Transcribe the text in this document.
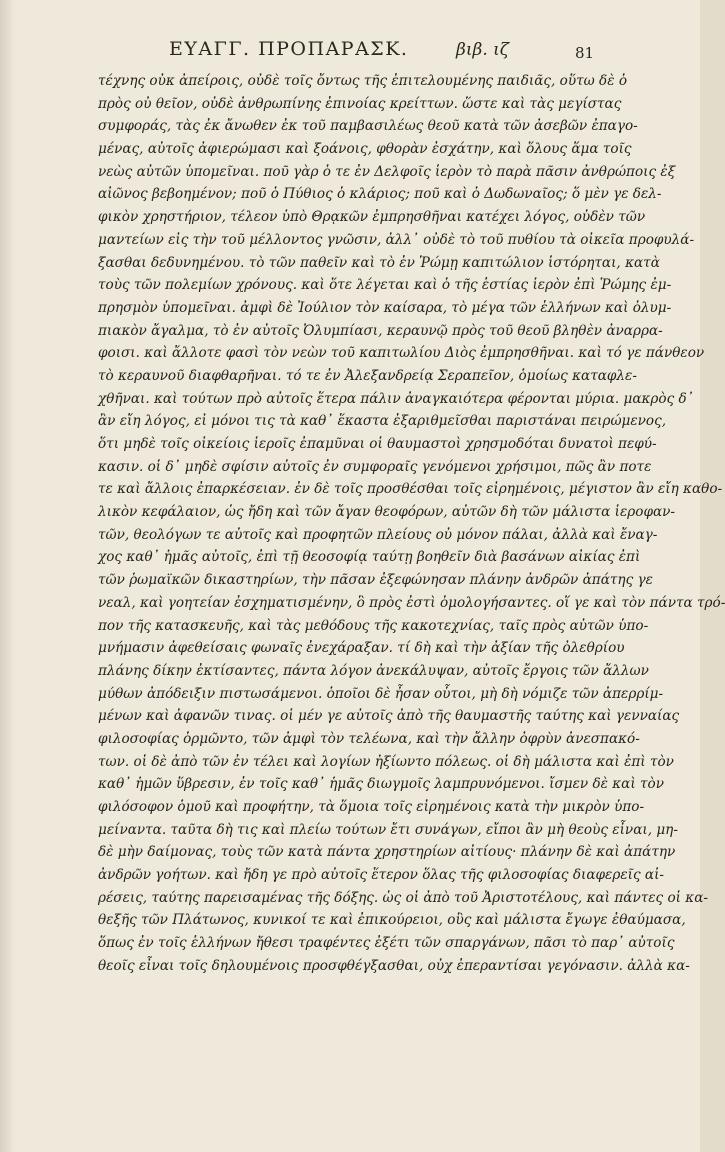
ΕΥΑΓΓ. ΠΡΟΠΑΡΑΣΚ.	βιβ. ιζ	81
τέχνης οὐκ ἀπείροις, οὐδὲ τοῖς ὄντως τῆς ἐπιτελουμένης παιδιᾶς, οὕτω δὲ ὁ
πρὸς οὐ θεῖον, οὐδὲ ἀνθρωπίνης ἐπινοίας κρείττων. ὥστε καὶ τὰς μεγίστας
συμφοράς, τὰς ἐκ ἄνωθεν ἐκ τοῦ παμβασιλέως θεοῦ κατὰ τῶν ἀσεβῶν ἐπαγο-
μένας, αὐτοῖς ἀφιερώμασι καὶ ξοάνοις, φθορὰν ἐσχάτην, καὶ ὅλους ἅμα τοῖς
νεὼς αὐτῶν ὑπομεῖναι. ποῦ γὰρ ὁ τε ἐν Δελφοῖς ἱερὸν τὸ παρὰ πᾶσιν ἀνθρώποις ἐξ
αἰῶνος βεβοημένον; ποῦ ὁ Πύθιος ὁ κλάριος; ποῦ καὶ ὁ Δωδωναῖος; ὅ μὲν γε δελ-
φικὸν χρηστήριον, τέλεον ὑπὸ Θρᾳκῶν ἐμπρησθῆναι κατέχει λόγος, οὐδὲν τῶν
μαντείων εἰς τὴν τοῦ μέλλοντος γνῶσιν, ἀλλ᾽ οὐδὲ τὸ τοῦ πυθίου τὰ οἰκεῖα προφυλά-
ξασθαι δεδυνημένου. τὸ τῶν παθεῖν καὶ τὸ ἐν Ῥώμῃ καπιτώλιον ἱστόρηται, κατὰ
τοὺς τῶν πολεμίων χρόνους. καὶ ὅτε λέγεται καὶ ὁ τῆς ἑστίας ἱερὸν ἐπὶ Ῥώμης ἐμ-
πρησμὸν ὑπομεῖναι. ἀμφὶ δὲ Ἰούλιον τὸν καίσαρα, τὸ μέγα τῶν ἑλλήνων καὶ ὀλυμ-
πιακὸν ἄγαλμα, τὸ ἐν αὐτοῖς Ὀλυμπίασι, κεραυνῷ πρὸς τοῦ θεοῦ βληθὲν ἀναρρα-
φοισι. καὶ ἄλλοτε φασὶ τὸν νεὼν τοῦ καπιτωλίου Διὸς ἐμπρησθῆναι. καὶ τό γε πάνθεον
τὸ κεραυνοῦ διαφθαρῆναι. τό τε ἐν Ἀλεξανδρείᾳ Σεραπεῖον, ὁμοίως καταφλε-
χθῆναι. καὶ τούτων πρὸ αὐτοῖς ἕτερα πάλιν ἀναγκαιότερα φέρονται μύρια. μακρὸς δ᾽
ἂν εἴη λόγος, εἰ μόνοι τις τὰ καθ᾽ ἕκαστα ἐξαριθμεῖσθαι παριστάναι πειρώμενος,
ὅτι μηδὲ τοῖς οἰκείοις ἱεροῖς ἐπαμῦναι οἱ θαυμαστοὶ χρησμοδόται δυνατοὶ πεφύ-
κασιν. οἱ δ᾽ μηδὲ σφίσιν αὐτοῖς ἐν συμφοραῖς γενόμενοι χρήσιμοι, πῶς ἂν ποτε
τε καὶ ἄλλοις ἐπαρκέσειαν. ἐν δὲ τοῖς προσθέσθαι τοῖς εἰρημένοις, μέγιστον ἂν εἴη καθο-
λικὸν κεφάλαιον, ὡς ἤδη καὶ τῶν ἄγαν θεοφόρων, αὐτῶν δὴ τῶν μάλιστα ἱεροφαν-
τῶν, θεολόγων τε αὐτοῖς καὶ προφητῶν πλείους οὐ μόνον πάλαι, ἀλλὰ καὶ ἔναγ-
χος καθ᾽ ἡμᾶς αὐτοῖς, ἐπὶ τῇ θεοσοφίᾳ ταύτῃ βοηθεῖν διὰ βασάνων αἰκίας ἐπὶ
τῶν ῥωμαϊκῶν δικαστηρίων, τὴν πᾶσαν ἐξεφώνησαν πλάνην ἀνδρῶν ἁπάτης γε
νεαλ, καὶ γοητείαν ἐσχηματισμένην, ὃ πρὸς ἐστὶ ὁμολογήσαντες. οἵ γε καὶ τὸν πάντα τρό-
πον τῆς κατασκευῆς, καὶ τὰς μεθόδους τῆς κακοτεχνίας, ταῖς πρὸς αὐτῶν ὑπο-
μνήμασιν ἀφεθείσαις φωναῖς ἐνεχάραξαν. τί δὴ καὶ τὴν ἀξίαν τῆς ὀλεθρίου
πλάνης δίκην ἐκτίσαντες, πάντα λόγον ἀνεκάλυψαν, αὐτοῖς ἔργοις τῶν ἄλλων
μύθων ἀπόδειξιν πιστωσάμενοι. ὁποῖοι δὲ ἦσαν οὗτοι, μὴ δὴ νόμιζε τῶν ἀπερρίμ-
μένων καὶ ἀφανῶν τινας. οἱ μέν γε αὐτοῖς ἀπὸ τῆς θαυμαστῆς ταύτης καὶ γενναίας
φιλοσοφίας ὁρμῶντο, τῶν ἀμφὶ τὸν τελέωνα, καὶ τὴν ἄλλην ὀφρὺν ἀνεσπακό-
των. οἱ δὲ ἀπὸ τῶν ἐν τέλει καὶ λογίων ἠξίωντο πόλεως. οἱ δὴ μάλιστα καὶ ἐπὶ τὸν
καθ᾽ ἡμῶν ὕβρεσιν, ἐν τοῖς καθ᾽ ἡμᾶς διωγμοῖς λαμπρυνόμενοι. ἴσμεν δὲ καὶ τὸν
φιλόσοφον ὁμοῦ καὶ προφήτην, τὰ ὅμοια τοῖς εἰρημένοις κατὰ τὴν μικρὸν ὑπο-
μείναντα. ταῦτα δὴ τις καὶ πλείω τούτων ἔτι συνάγων, εἴποι ἂν μὴ θεοὺς εἶναι, μη-
δὲ μὴν δαίμονας, τοὺς τῶν κατὰ πάντα χρηστηρίων αἰτίους· πλάνην δὲ καὶ ἀπάτην
ἀνδρῶν γοήτων. καὶ ἤδη γε πρὸ αὐτοῖς ἕτερον ὅλας τῆς φιλοσοφίας διαφερεῖς αἱ-
ρέσεις, ταύτης παρεισαμένας τῆς δόξης. ὡς οἱ ἀπὸ τοῦ Ἀριστοτέλους, καὶ πάντες οἱ κα-
θεξῆς τῶν Πλάτωνος, κυνικοί τε καὶ ἐπικούρειοι, οὓς καὶ μάλιστα ἔγωγε ἐθαύμασα,
ὅπως ἐν τοῖς ἑλλήνων ἤθεσι τραφέντες ἐξέτι τῶν σπαργάνων, πᾶσι τὸ παρ᾽ αὐτοῖς
θεοῖς εἶναι τοῖς δηλουμένοις προσφθέγξασθαι, οὐχ ἐπεραντίσαι γεγόνασιν. ἀλλὰ κα-
